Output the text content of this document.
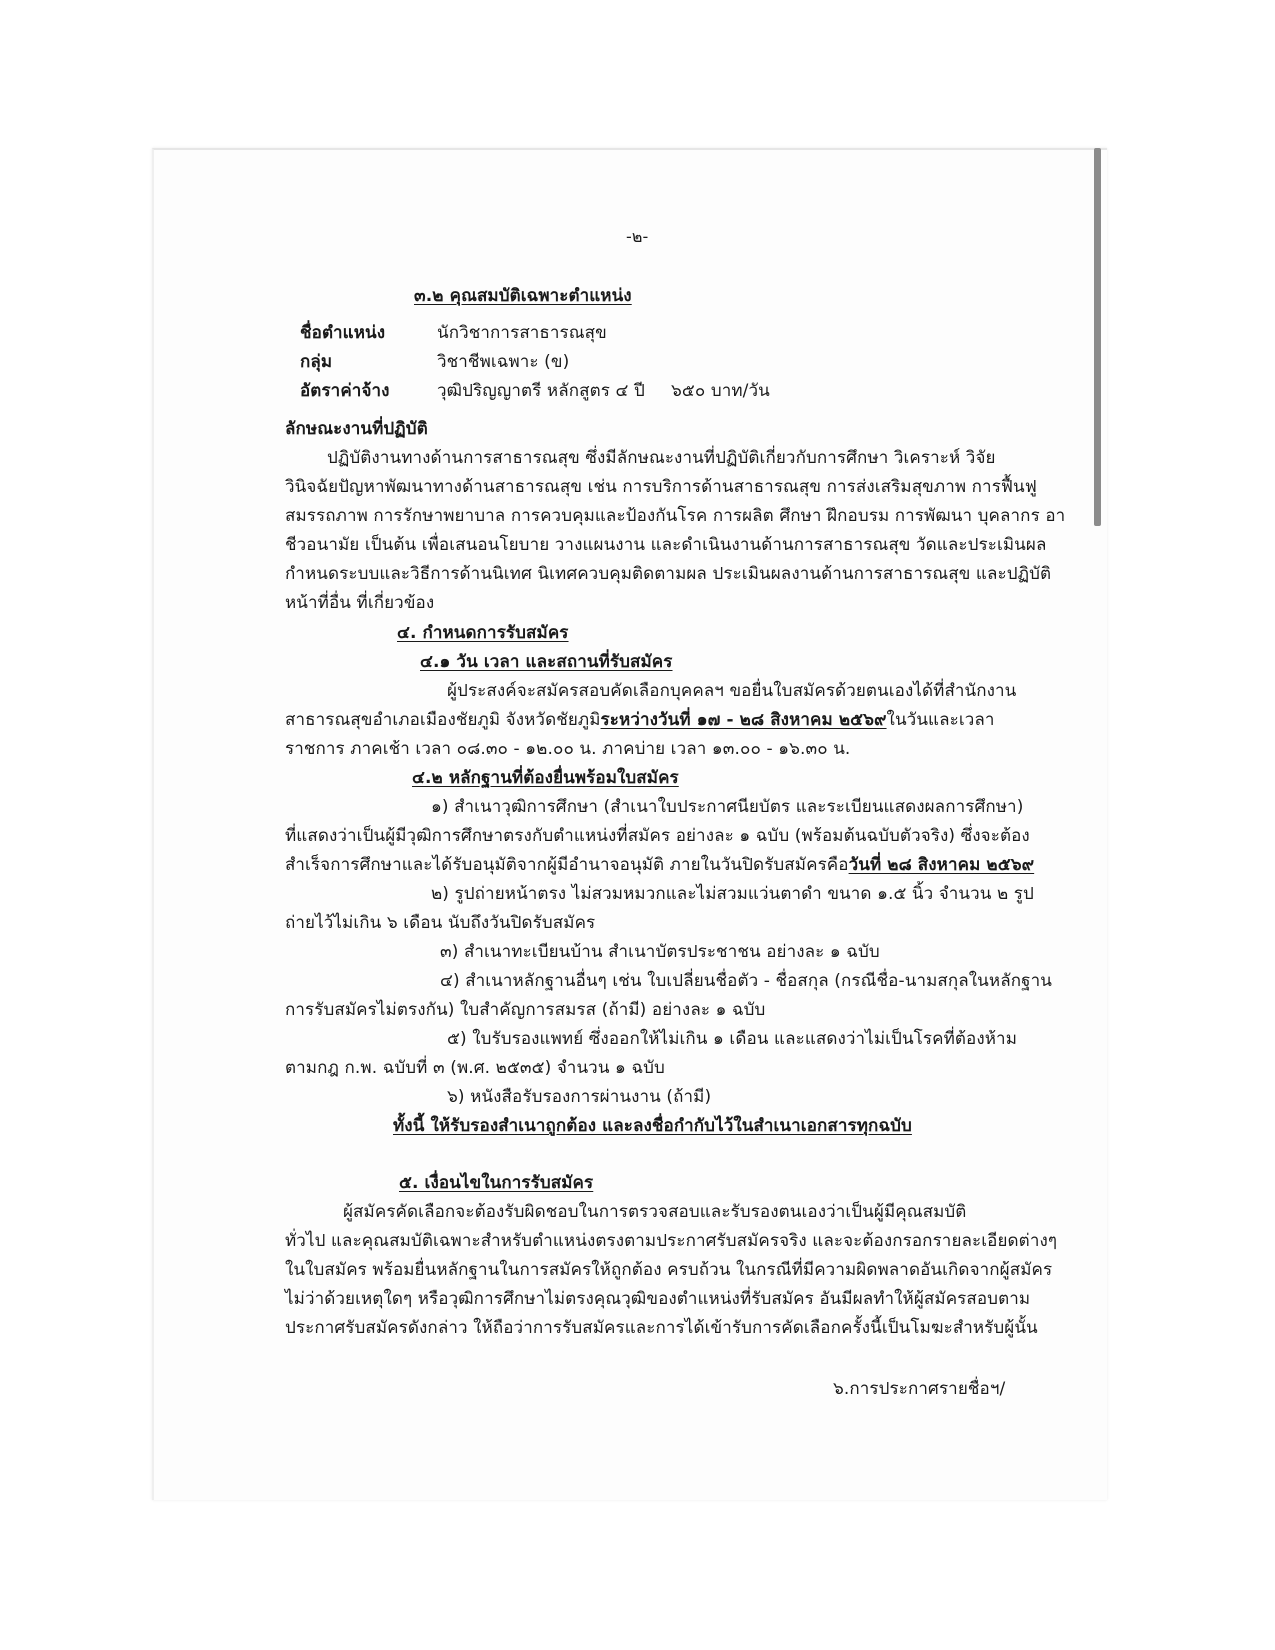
-๒-
๓.๒ คุณสมบัติเฉพาะตำแหน่ง
ชื่อตำแหน่ง	นักวิชาการสาธารณสุข
กลุ่ม	วิชาชีพเฉพาะ (ข)
อัตราค่าจ้าง	วุฒิปริญญาตรี หลักสูตร ๔ ปี ๖๕๐ บาท/วัน
ลักษณะงานที่ปฏิบัติ
ปฏิบัติงานทางด้านการสาธารณสุข ซึ่งมีลักษณะงานที่ปฏิบัติเกี่ยวกับการศึกษา วิเคราะห์ วิจัย
วินิจฉัยปัญหาพัฒนาทางด้านสาธารณสุข เช่น การบริการด้านสาธารณสุข การส่งเสริมสุขภาพ การฟื้นฟู
สมรรถภาพ การรักษาพยาบาล การควบคุมและป้องกันโรค การผลิต ศึกษา ฝึกอบรม การพัฒนา บุคลากร อา
ชีวอนามัย เป็นต้น เพื่อเสนอนโยบาย วางแผนงาน และดำเนินงานด้านการสาธารณสุข วัดและประเมินผล
กำหนดระบบและวิธีการด้านนิเทศ นิเทศควบคุมติดตามผล ประเมินผลงานด้านการสาธารณสุข และปฏิบัติ
หน้าที่อื่น ที่เกี่ยวข้อง
๔. กำหนดการรับสมัคร
๔.๑ วัน เวลา และสถานที่รับสมัคร
ผู้ประสงค์จะสมัครสอบคัดเลือกบุคคลฯ ขอยื่นใบสมัครด้วยตนเองได้ที่สำนักงาน
สาธารณสุขอำเภอเมืองชัยภูมิ จังหวัดชัยภูมิ ระหว่างวันที่ ๑๗ - ๒๘ สิงหาคม ๒๕๖๙ ในวันและเวลา
ราชการ ภาคเช้า เวลา ๐๘.๓๐ - ๑๒.๐๐ น. ภาคบ่าย เวลา ๑๓.๐๐ - ๑๖.๓๐ น.
๔.๒ หลักฐานที่ต้องยื่นพร้อมใบสมัคร
๑) สำเนาวุฒิการศึกษา (สำเนาใบประกาศนียบัตร และระเบียนแสดงผลการศึกษา)
ที่แสดงว่าเป็นผู้มีวุฒิการศึกษาตรงกับตำแหน่งที่สมัคร อย่างละ ๑ ฉบับ (พร้อมต้นฉบับตัวจริง) ซึ่งจะต้อง
สำเร็จการศึกษาและได้รับอนุมัติจากผู้มีอำนาจอนุมัติ ภายในวันปิดรับสมัครคือ วันที่ ๒๘ สิงหาคม ๒๕๖๙
๒) รูปถ่ายหน้าตรง ไม่สวมหมวกและไม่สวมแว่นตาดำ ขนาด ๑.๕ นิ้ว จำนวน ๒ รูป
ถ่ายไว้ไม่เกิน ๖ เดือน นับถึงวันปิดรับสมัคร
๓) สำเนาทะเบียนบ้าน สำเนาบัตรประชาชน อย่างละ ๑ ฉบับ
๔) สำเนาหลักฐานอื่นๆ เช่น ใบเปลี่ยนชื่อตัว - ชื่อสกุล (กรณีชื่อ-นามสกุลในหลักฐาน
การรับสมัครไม่ตรงกัน) ใบสำคัญการสมรส (ถ้ามี) อย่างละ ๑ ฉบับ
๕) ใบรับรองแพทย์ ซึ่งออกให้ไม่เกิน ๑ เดือน และแสดงว่าไม่เป็นโรคที่ต้องห้าม
ตามกฎ ก.พ. ฉบับที่ ๓ (พ.ศ. ๒๕๓๕) จำนวน ๑ ฉบับ
๖) หนังสือรับรองการผ่านงาน (ถ้ามี)
ทั้งนี้ ให้รับรองสำเนาถูกต้อง และลงชื่อกำกับไว้ในสำเนาเอกสารทุกฉบับ
๕. เงื่อนไขในการรับสมัคร
ผู้สมัครคัดเลือกจะต้องรับผิดชอบในการตรวจสอบและรับรองตนเองว่าเป็นผู้มีคุณสมบัติ
ทั่วไป และคุณสมบัติเฉพาะสำหรับตำแหน่งตรงตามประกาศรับสมัครจริง และจะต้องกรอกรายละเอียดต่างๆ
ในใบสมัคร พร้อมยื่นหลักฐานในการสมัครให้ถูกต้อง ครบถ้วน ในกรณีที่มีความผิดพลาดอันเกิดจากผู้สมัคร
ไม่ว่าด้วยเหตุใดๆ หรือวุฒิการศึกษาไม่ตรงคุณวุฒิของตำแหน่งที่รับสมัคร อันมีผลทำให้ผู้สมัครสอบตาม
ประกาศรับสมัครดังกล่าว ให้ถือว่าการรับสมัครและการได้เข้ารับการคัดเลือกครั้งนี้เป็นโมฆะสำหรับผู้นั้น
๖.การประกาศรายชื่อฯ/
